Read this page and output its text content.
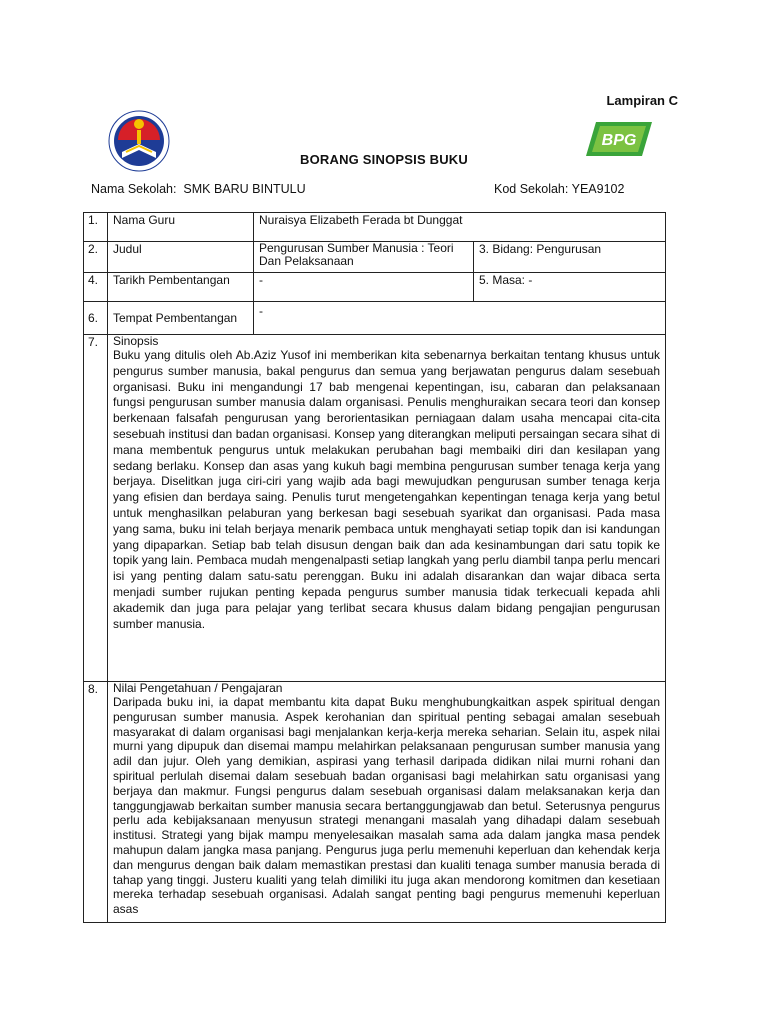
Lampiran C
BPG
BORANG SINOPSIS BUKU
Nama Sekolah: SMK BARU BINTULU	Kod Sekolah: YEA9102
1.	Nama Guru	Nuraisya Elizabeth Ferada bt Dunggat	
2.	Judul	Pengurusan Sumber Manusia : Teori Dan Pelaksanaan	3. Bidang: Pengurusan
4.	Tarikh Pembentangan	-	5. Masa: -
6.	Tempat Pembentangan	-	
7.	Sinopsis

Buku yang ditulis oleh Ab.Aziz Yusof ini memberikan kita sebenarnya berkaitan tentang khusus untuk pengurus sumber manusia, bakal pengurus dan semua yang berjawatan pengurus dalam sesebuah organisasi. Buku ini mengandungi 17 bab mengenai kepentingan, isu, cabaran dan pelaksanaan fungsi pengurusan sumber manusia dalam organisasi. Penulis menghuraikan secara teori dan konsep berkenaan falsafah pengurusan yang berorientasikan perniagaan dalam usaha mencapai cita-cita sesebuah institusi dan badan organisasi. Konsep yang diterangkan meliputi persaingan secara sihat di mana membentuk pengurus untuk melakukan perubahan bagi membaiki diri dan kesilapan yang sedang berlaku. Konsep dan asas yang kukuh bagi membina pengurusan sumber tenaga kerja yang berjaya. Diselitkan juga ciri-ciri yang wajib ada bagi mewujudkan pengurusan sumber tenaga kerja yang efisien dan berdaya saing. Penulis turut mengetengahkan kepentingan tenaga kerja yang betul untuk menghasilkan pelaburan yang berkesan bagi sesebuah syarikat dan organisasi. Pada masa yang sama, buku ini telah berjaya menarik pembaca untuk menghayati setiap topik dan isi kandungan yang dipaparkan. Setiap bab telah disusun dengan baik dan ada kesinambungan dari satu topik ke topik yang lain. Pembaca mudah mengenalpasti setiap langkah yang perlu diambil tanpa perlu mencari isi yang penting dalam satu-satu perenggan. Buku ini adalah disarankan dan wajar dibaca serta menjadi sumber rujukan penting kepada pengurus sumber manusia tidak terkecuali kepada ahli akademik dan juga para pelajar yang terlibat secara khusus dalam bidang pengajian pengurusan sumber manusia.		

8.	Nilai Pengetahuan / Pengajaran

Daripada buku ini, ia dapat membantu kita dapat Buku menghubungkaitkan aspek spiritual dengan pengurusan sumber manusia. Aspek kerohanian dan spiritual penting sebagai amalan sesebuah masyarakat di dalam organisasi bagi menjalankan kerja-kerja mereka seharian. Selain itu, aspek nilai murni yang dipupuk dan disemai mampu melahirkan pelaksanaan pengurusan sumber manusia yang adil dan jujur. Oleh yang demikian, aspirasi yang terhasil daripada didikan nilai murni rohani dan spiritual perlulah disemai dalam sesebuah badan organisasi bagi melahirkan satu organisasi yang berjaya dan makmur. Fungsi pengurus dalam sesebuah organisasi dalam melaksanakan kerja dan tanggungjawab berkaitan sumber manusia secara bertanggungjawab dan betul. Seterusnya pengurus perlu ada kebijaksanaan menyusun strategi menangani masalah yang dihadapi dalam sesebuah institusi. Strategi yang bijak mampu menyelesaikan masalah sama ada dalam jangka masa pendek mahupun dalam jangka masa panjang. Pengurus juga perlu memenuhi keperluan dan kehendak kerja dan mengurus dengan baik dalam memastikan prestasi dan kualiti tenaga sumber manusia berada di tahap yang tinggi. Justeru kualiti yang telah dimiliki itu juga akan mendorong komitmen dan kesetiaan mereka terhadap sesebuah organisasi. Adalah sangat penting bagi pengurus memenuhi keperluan asas		
